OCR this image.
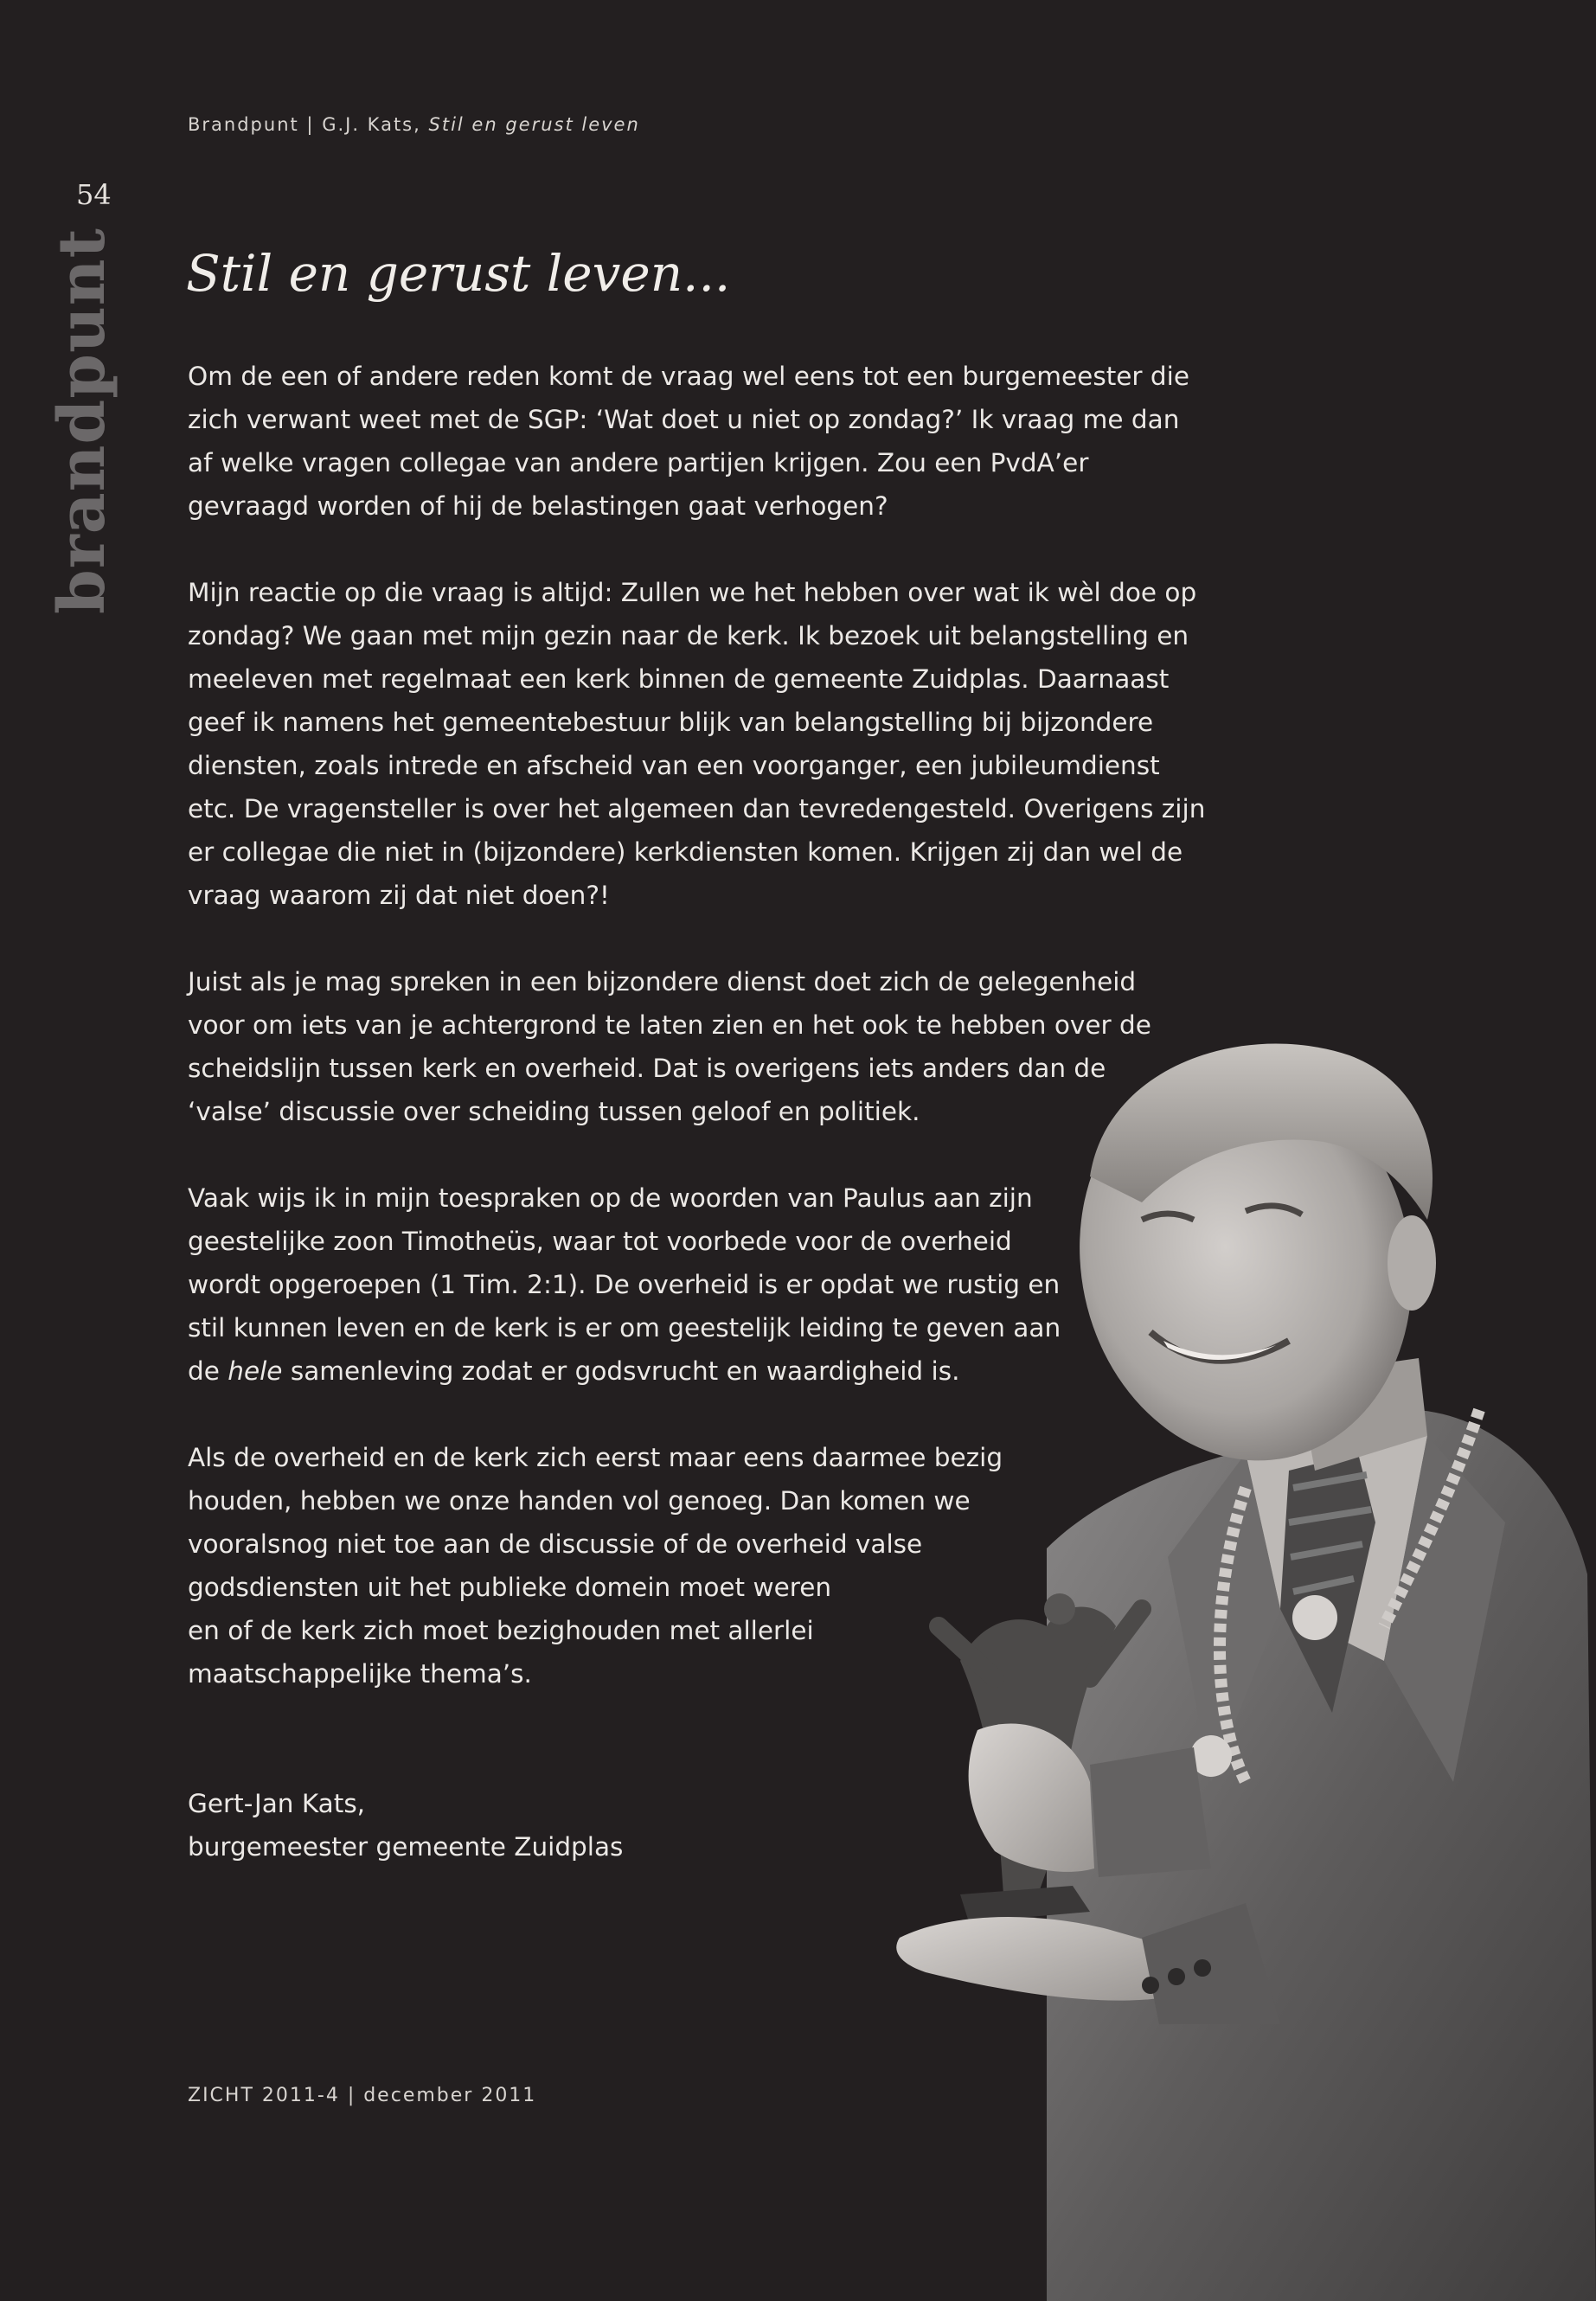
Brandpunt | G.J. Kats, Stil en gerust leven
54
brandpunt Stil en gerust leven...

Om de een of andere reden komt de vraag wel eens tot een burgemeester die
zich verwant weet met de SGP: ‘Wat doet u niet op zondag?’ Ik vraag me dan
af welke vragen collegae van andere partijen krijgen. Zou een PvdA’er
gevraagd worden of hij de belastingen gaat verhogen?

Mijn reactie op die vraag is altijd: Zullen we het hebben over wat ik wèl doe op
zondag? We gaan met mijn gezin naar de kerk. Ik bezoek uit belangstelling en
meeleven met regelmaat een kerk binnen de gemeente Zuidplas. Daarnaast
geef ik namens het gemeentebestuur blijk van belangstelling bij bijzondere
diensten, zoals intrede en afscheid van een voorganger, een jubileumdienst
etc. De vragensteller is over het algemeen dan tevredengesteld. Overigens zijn
er collegae die niet in (bijzondere) kerkdiensten komen. Krijgen zij dan wel de
vraag waarom zij dat niet doen?!

Juist als je mag spreken in een bijzondere dienst doet zich de gelegenheid
voor om iets van je achtergrond te laten zien en het ook te hebben over de
scheidslijn tussen kerk en overheid. Dat is overigens iets anders dan de
‘valse’ discussie over scheiding tussen geloof en politiek.

Vaak wijs ik in mijn toespraken op de woorden van Paulus aan zijn
geestelijke zoon Timotheüs, waar tot voorbede voor de overheid
wordt opgeroepen (1 Tim. 2:1). De overheid is er opdat we rustig en
stil kunnen leven en de kerk is er om geestelijk leiding te geven aan
de hele samenleving zodat er godsvrucht en waardigheid is.

Als de overheid en de kerk zich eerst maar eens daarmee bezig
houden, hebben we onze handen vol genoeg. Dan komen we
vooralsnog niet toe aan de discussie of de overheid valse
godsdiensten uit het publieke domein moet weren
en of de kerk zich moet bezighouden met allerlei
maatschappelijke thema’s.

Gert-Jan Kats,
burgemeester gemeente Zuidplas

ZICHT 2011-4 | december 2011
